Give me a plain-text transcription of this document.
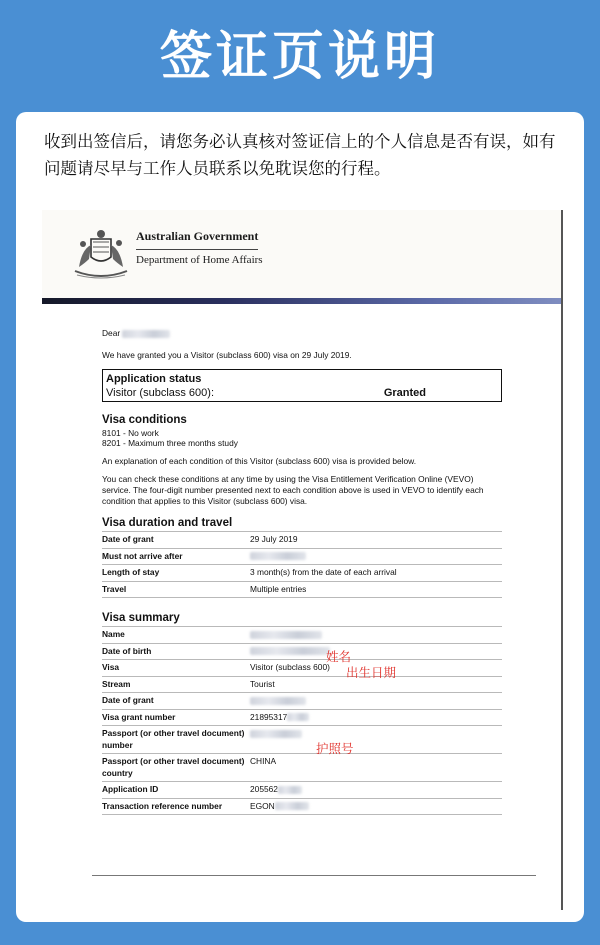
签证页说明
收到出签信后，请您务必认真核对签证信上的个人信息是否有误，如有问题请尽早与工作人员联系以免耽误您的行程。
Australian Government
Department of Home Affairs

Dear

We have granted you a Visitor (subclass 600) visa on 29 July 2019.

Application status
Visitor (subclass 600):	Granted
Visa conditions
8101 - No work
8201 - Maximum three months study
An explanation of each condition of this Visitor (subclass 600) visa is provided below.
You can check these conditions at any time by using the Visa Entitlement Verification Online (VEVO) service. The four-digit number presented next to each condition above is used in VEVO to identify each condition that applies to this Visitor (subclass 600) visa.
Visa duration and travel
Date of grant	29 July 2019
Must not arrive after	
Length of stay	3 month(s) from the date of each arrival
Travel	Multiple entries
Visa summary
Name	
Date of birth	
Visa	Visitor (subclass 600)
Stream	Tourist
Date of grant	
Visa grant number	21895317
Passport (or other travel document) number	
Passport (or other travel document) country	CHINA
Application ID	205562
Transaction reference number	EGON
姓名
出生日期
护照号
